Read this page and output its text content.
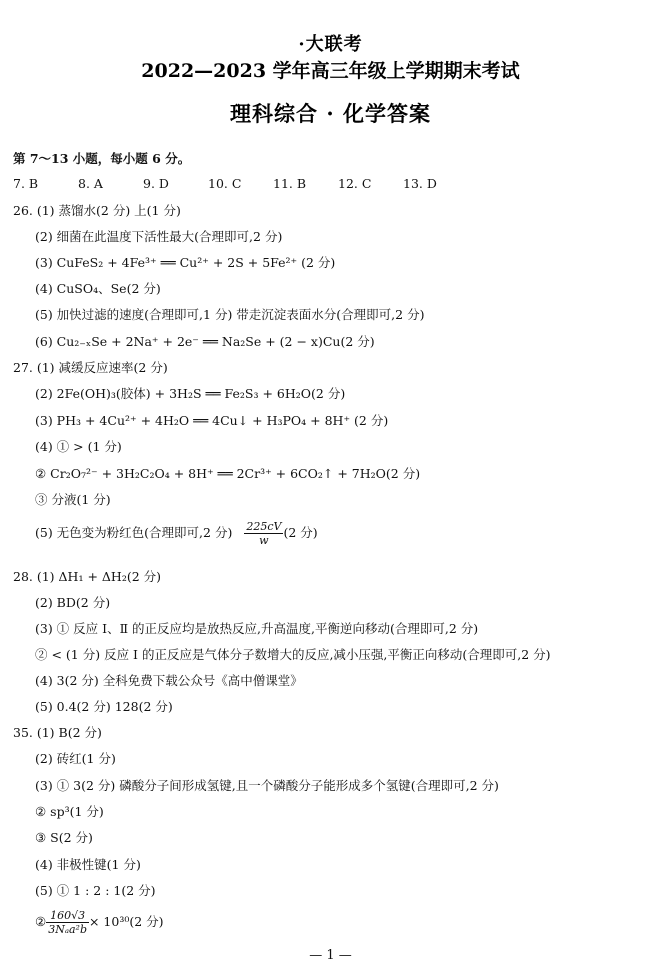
·大联考
2022—2023 学年高三年级上学期期末考试
理科综合 · 化学答案
第 7～13 小题，每小题 6 分。
7. B	8. A	9. D	10. C	11. B	12. C	13. D
26. (1) 蒸馏水(2 分) 上(1 分)
(2) 细菌在此温度下活性最大(合理即可,2 分)
(3) CuFeS₂ + 4Fe³⁺ ══ Cu²⁺ + 2S + 5Fe²⁺ (2 分)
(4) CuSO₄、Se(2 分)
(5) 加快过滤的速度(合理即可,1 分) 带走沉淀表面水分(合理即可,2 分)
(6) Cu₂₋ₓSe + 2Na⁺ + 2e⁻ ══ Na₂Se + (2 − x)Cu(2 分)
27. (1) 减缓反应速率(2 分)
(2) 2Fe(OH)₃(胶体) + 3H₂S ══ Fe₂S₃ + 6H₂O(2 分)
(3) PH₃ + 4Cu²⁺ + 4H₂O ══ 4Cu↓ + H₃PO₄ + 8H⁺ (2 分)
(4) ① > (1 分)
② Cr₂O₇²⁻ + 3H₂C₂O₄ + 8H⁺ ══ 2Cr³⁺ + 6CO₂↑ + 7H₂O(2 分)
③ 分液(1 分)
(5) 无色变为粉红色(合理即可,2 分) $\frac{225cV}{w} (2$ 分)
28. (1) ΔH₁ + ΔH₂(2 分)
(2) BD(2 分)
(3) ① 反应 Ⅰ、Ⅱ 的正反应均是放热反应,升高温度,平衡逆向移动(合理即可,2 分)
② < (1 分) 反应 Ⅰ 的正反应是气体分子数增大的反应,减小压强,平衡正向移动(合理即可,2 分)
(4) 3(2 分) 全科免费下载公众号《高中僧课堂》
(5) 0.4(2 分) 128(2 分)
35. (1) B(2 分)
(2) 砖红(1 分)
(3) ① 3(2 分) 磷酸分子间形成氢键,且一个磷酸分子能形成多个氢键(合理即可,2 分)
② sp³(1 分)
③ S(2 分)
(4) 非极性键(1 分)
(5) ① 1 : 2 : 1(2 分)
② $\frac{160√3}{\text{3Nₐa²b}} \times 10^{30}(2$ 分)
— 1 —
